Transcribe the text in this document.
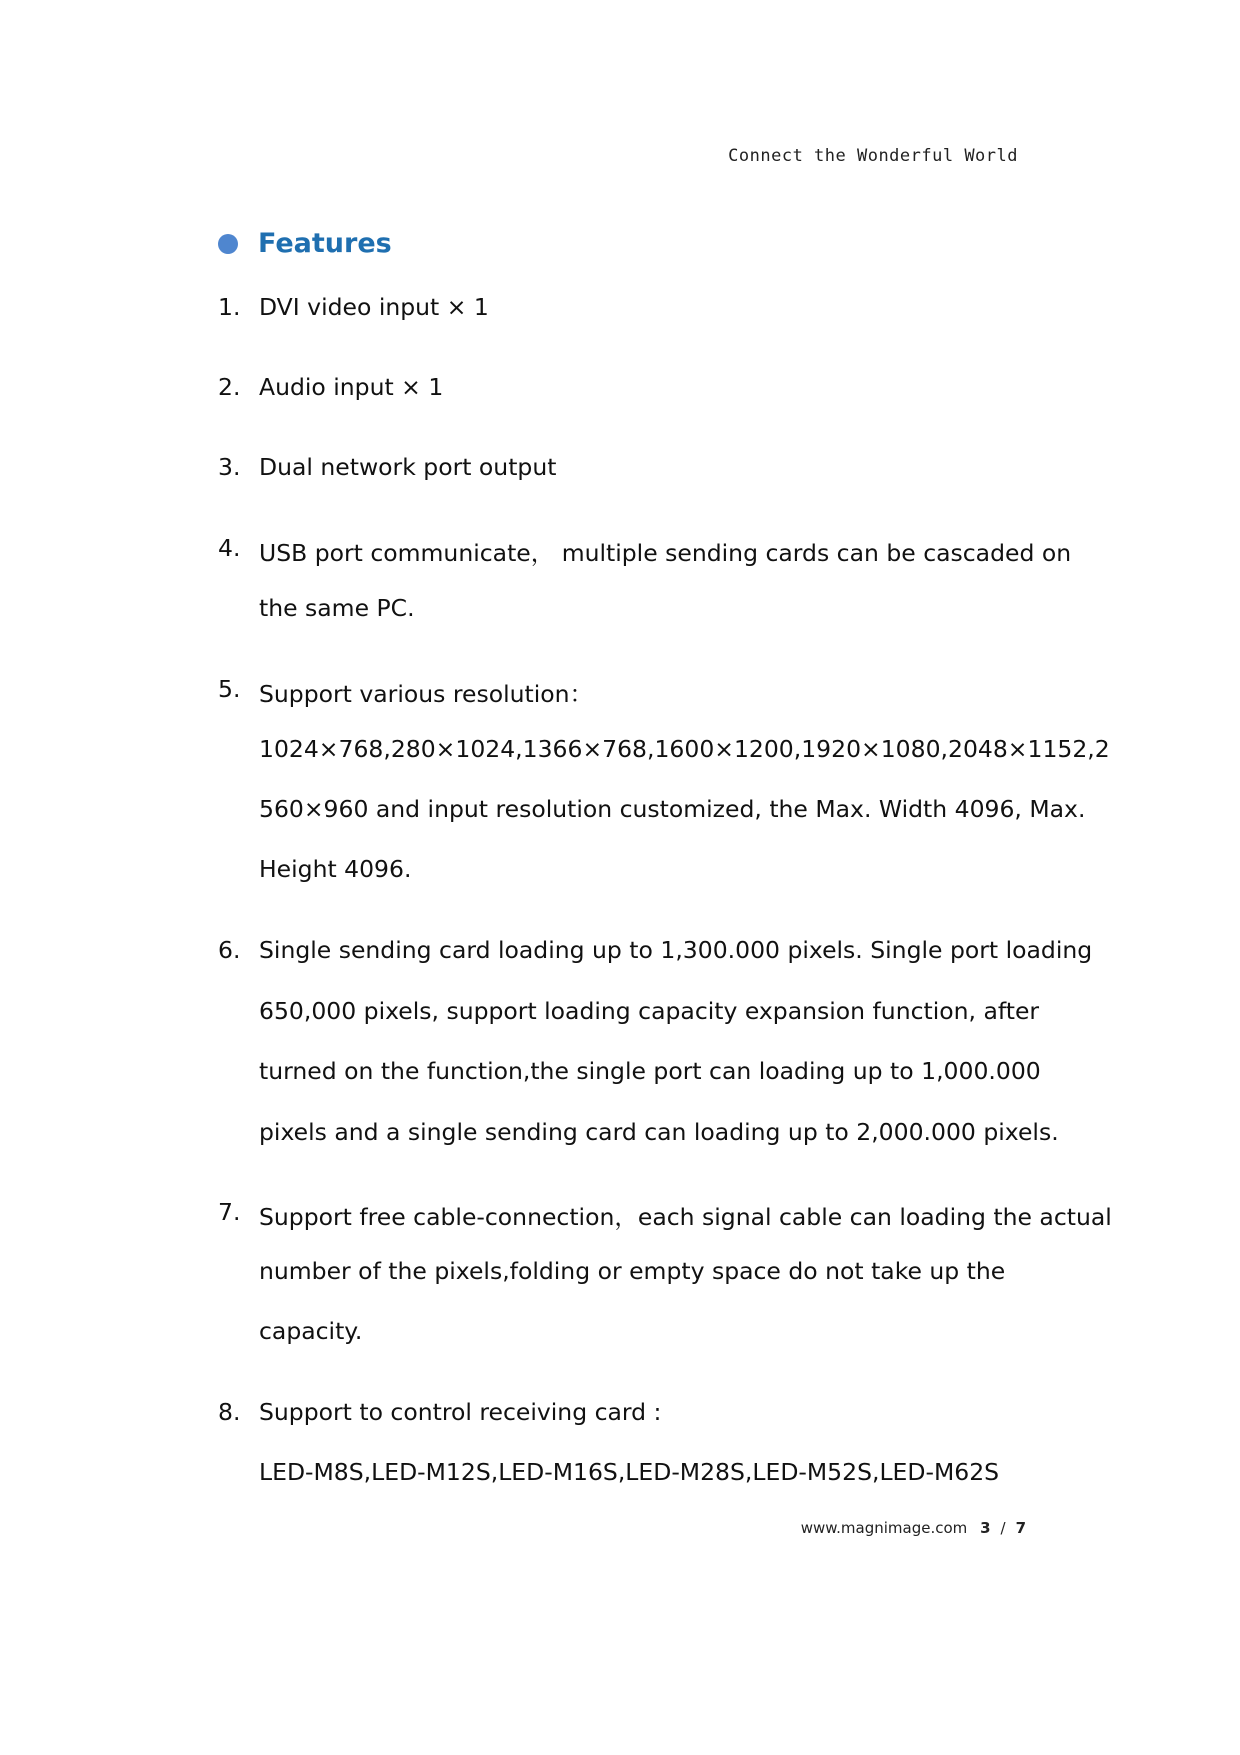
Connect the Wonderful World
Features
1. DVI video input × 1
2. Audio input × 1
3. Dual network port output
4. USB port communicate， multiple sending cards can be cascaded on
the same PC.
5. Support various resolution：
1024×768,280×1024,1366×768,1600×1200,1920×1080,2048×1152,2
560×960 and input resolution customized, the Max. Width 4096, Max.
Height 4096.
6. Single sending card loading up to 1,300.000 pixels. Single port loading
650,000 pixels, support loading capacity expansion function, after
turned on the function,the single port can loading up to 1,000.000
pixels and a single sending card can loading up to 2,000.000 pixels.
7. Support free cable-connection，each signal cable can loading the actual
number of the pixels,folding or empty space do not take up the
capacity.
8. Support to control receiving card :
LED-M8S,LED-M12S,LED-M16S,LED-M28S,LED-M52S,LED-M62S
www.magnimage.com 3 / 7
